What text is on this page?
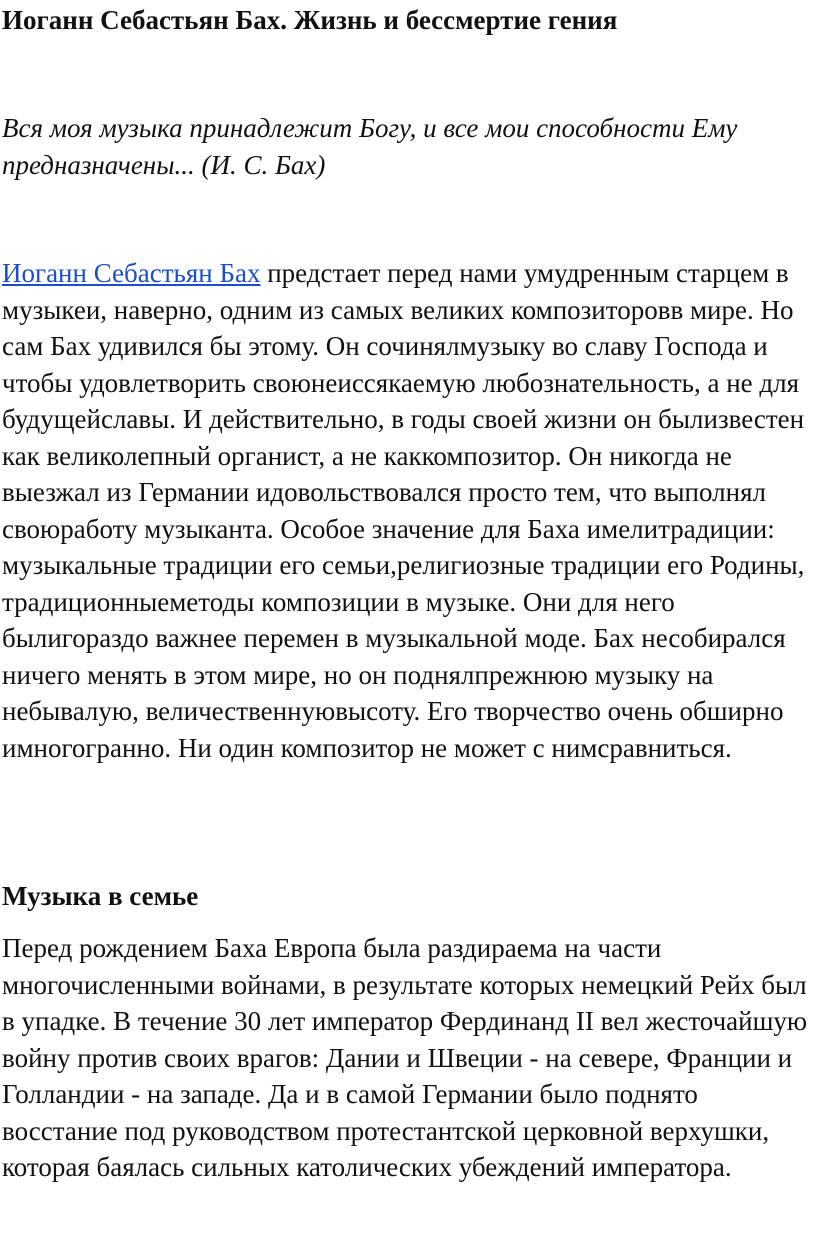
Иоганн Себастьян Бах. Жизнь и бессмертие гения

Вся моя музыка принадлежит Богу, и все мои способности Ему предназначены... (И. С. Бах)

Иоганн Себастьян Бах предстает перед нами умудренным старцем в музыкеи, наверно, одним из самых великих композиторовв мире. Но сам Бах удивился бы этому. Он сочинялмузыку во славу Господа и чтобы удовлетворить своюнеиссякаемую любознательность, а не для будущейславы. И действительно, в годы своей жизни он былизвестен как великолепный органист, а не каккомпозитор. Он никогда не выезжал из Германии идовольствовался просто тем, что выполнял своюработу музыканта. Особое значение для Баха имелитрадиции: музыкальные традиции его семьи,религиозные традиции его Родины, традиционныеметоды композиции в музыке. Они для него былигораздо важнее перемен в музыкальной моде. Бах несобирался ничего менять в этом мире, но он поднялпрежнюю музыку на небывалую, величественнуювысоту. Его творчество очень обширно имногогранно. Ни один композитор не может с нимсравниться.

Музыка в семье

Перед рождением Баха Европа была раздираема на части многочисленными войнами, в результате которых немецкий Рейх был в упадке. В течение 30 лет император Фердинанд II вел жесточайшую войну против своих врагов: Дании и Швеции - на севере, Франции и Голландии - на западе. Да и в самой Германии было поднято восстание под руководством протестантской церковной верхушки, которая баялась сильных католических убеждений императора.
